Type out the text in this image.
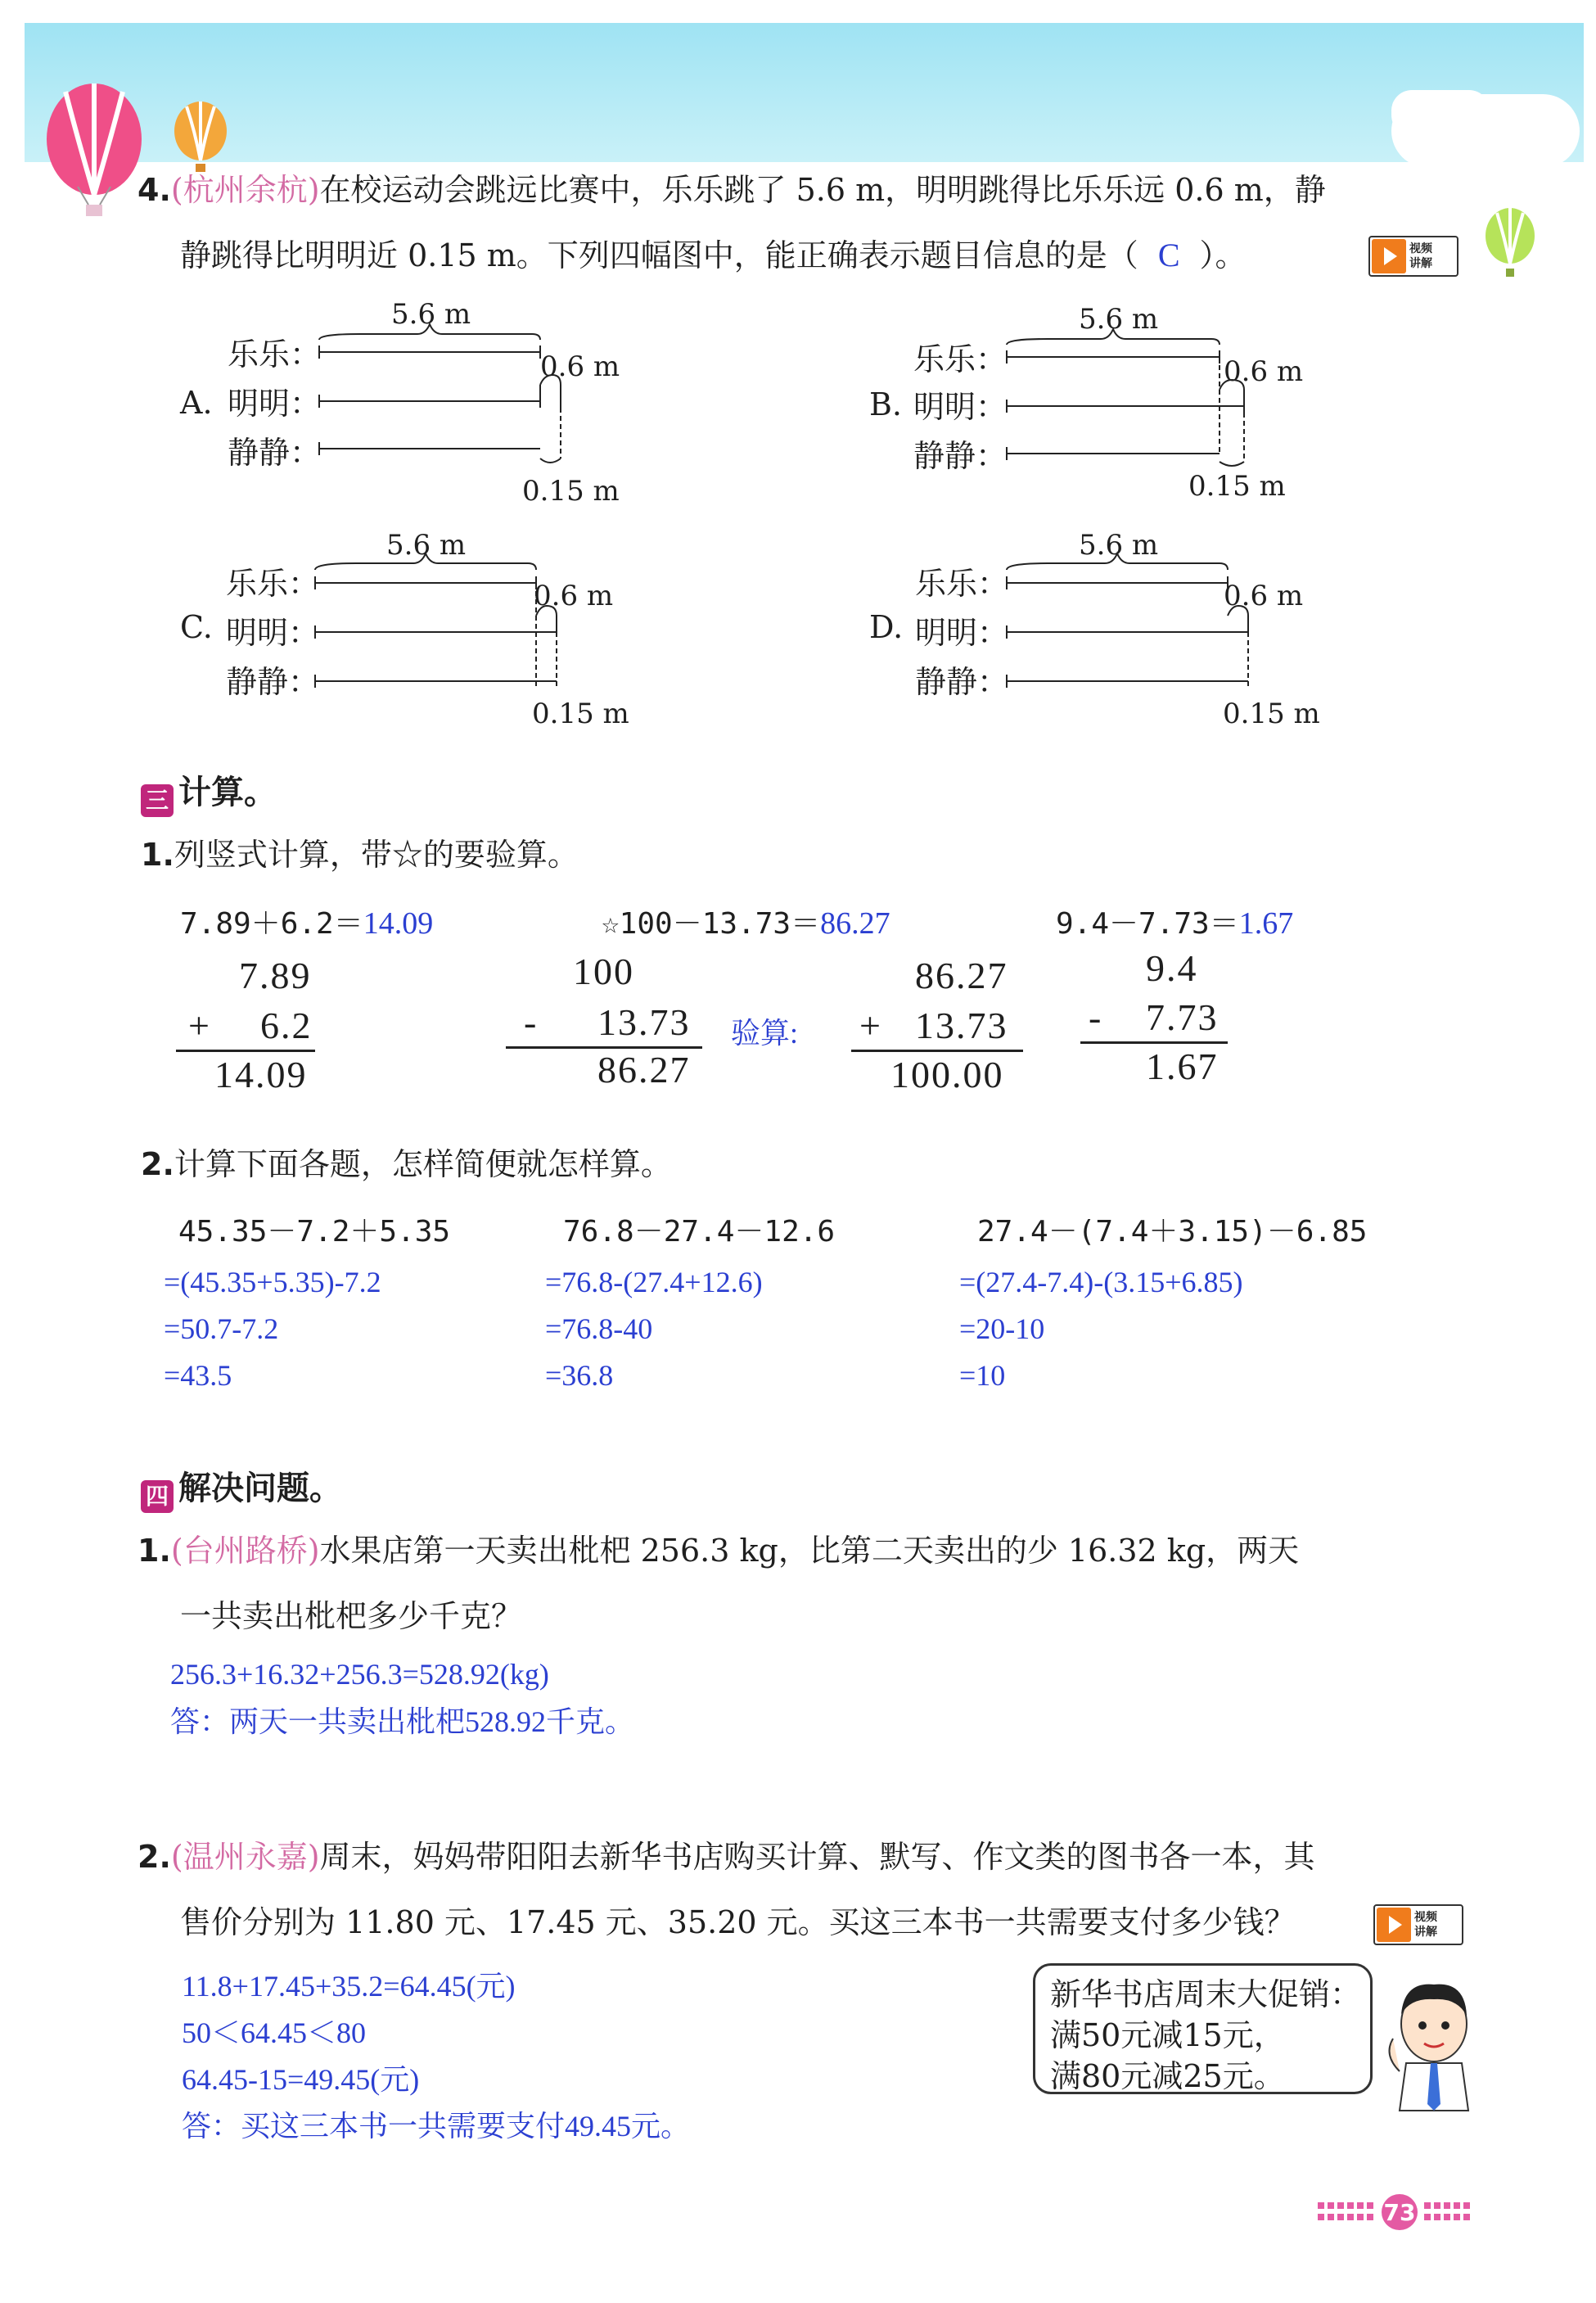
4.(杭州余杭)在校运动会跳远比赛中，乐乐跳了 5.6 m，明明跳得比乐乐远 0.6 m，静
静跳得比明明近 0.15 m。下列四幅图中，能正确表示题目信息的是（ C ）。	视频
讲解
A.
乐乐：
明明：
静静：
5.6 m
0.6 m
0.15 m
B.
乐乐：
明明：
静静：
5.6 m
0.6 m
0.15 m
C.
乐乐：
明明：
静静：
5.6 m
0.6 m
0.15 m
D.
乐乐：
明明：
静静：
5.6 m
0.6 m
0.15 m
三 计算。
1.列竖式计算，带☆的要验算。
7.89＋6.2＝14.09	☆100－13.73＝86.27	9.4－7.73＝1.67
7.89
+ 6.2
14.09
100
- 13.73
86.27
验算:
86.27
+ 13.73
100.00
9.4
- 7.73
1.67
2.计算下面各题，怎样简便就怎样算。
45.35－7.2＋5.35	76.8－27.4－12.6	27.4－(7.4＋3.15)－6.85
=(45.35+5.35)-7.2
=50.7-7.2
=43.5
=76.8-(27.4+12.6)
=76.8-40
=36.8
=(27.4-7.4)-(3.15+6.85)
=20-10
=10
四 解决问题。
1.(台州路桥)水果店第一天卖出枇杷 256.3 kg，比第二天卖出的少 16.32 kg，两天
一共卖出枇杷多少千克？
256.3+16.32+256.3=528.92(kg)
答：两天一共卖出枇杷528.92千克。
2.(温州永嘉)周末，妈妈带阳阳去新华书店购买计算、默写、作文类的图书各一本，其
售价分别为 11.80 元、17.45 元、35.20 元。买这三本书一共需要支付多少钱？	视频
讲解
11.8+17.45+35.2=64.45(元)
50＜64.45＜80
64.45-15=49.45(元)
答：买这三本书一共需要支付49.45元。
新华书店周末大促销：
满50元减15元，
满80元减25元。
73
